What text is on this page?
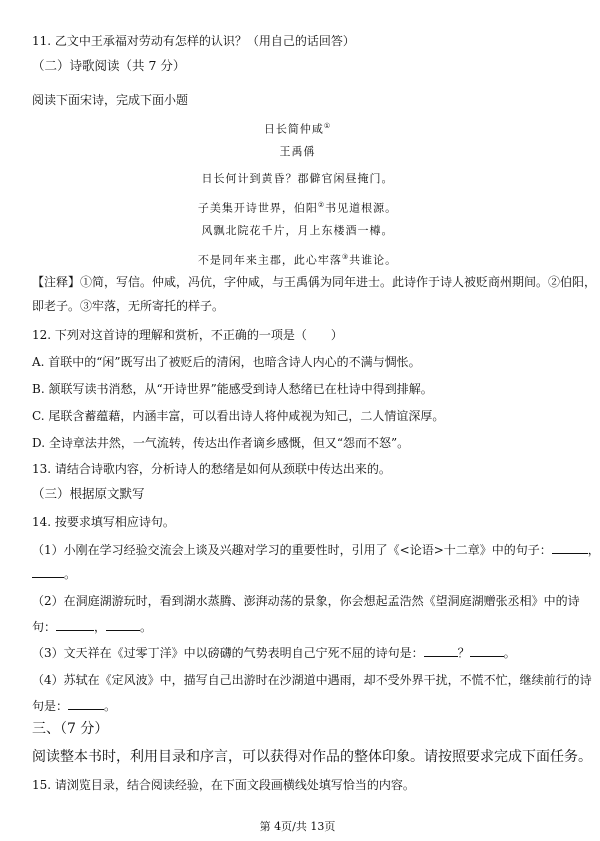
11. 乙文中王承福对劳动有怎样的认识？（用自己的话回答）
（二）诗歌阅读（共 7 分）
阅读下面宋诗，完成下面小题
日长简仲咸①
王禹偁
日长何计到黄昏？郡僻官闲昼掩门。
子美集开诗世界，伯阳②书见道根源。
风飘北院花千片，月上东楼酒一樽。
不是同年来主郡，此心牢落③共谁论。
【注释】①简，写信。仲咸，冯伉，字仲咸，与王禹偁为同年进士。此诗作于诗人被贬商州期间。②伯阳，
即老子。③牢落，无所寄托的样子。
12. 下列对这首诗的理解和赏析，不正确的一项是（　　）
A. 首联中的“闲”既写出了被贬后的清闲，也暗含诗人内心的不满与惆怅。
B. 颔联写读书消愁，从“开诗世界”能感受到诗人愁绪已在杜诗中得到排解。
C. 尾联含蓄蕴藉，内涵丰富，可以看出诗人将仲咸视为知己，二人情谊深厚。
D. 全诗章法井然，一气流转，传达出作者谪乡感慨，但又“怨而不怒”。
13. 请结合诗歌内容，分析诗人的愁绪是如何从颈联中传达出来的。
（三）根据原文默写
14. 按要求填写相应诗句。
（1）小刚在学习经验交流会上谈及兴趣对学习的重要性时，引用了《<论语>十二章》中的句子：	，
。
（2）在洞庭湖游玩时，看到湖水蒸腾、澎湃动荡的景象，你会想起孟浩然《望洞庭湖赠张丞相》中的诗
句：	，	。
（3）文天祥在《过零丁洋》中以磅礴的气势表明自己宁死不屈的诗句是：	？	。
（4）苏轼在《定风波》中，描写自己出游时在沙湖道中遇雨，却不受外界干扰，不慌不忙，继续前行的诗
句是：	。
三、（7 分）
阅读整本书时，利用目录和序言，可以获得对作品的整体印象。请按照要求完成下面任务。
15. 请浏览目录，结合阅读经验，在下面文段画横线处填写恰当的内容。
第 4页/共 13页
